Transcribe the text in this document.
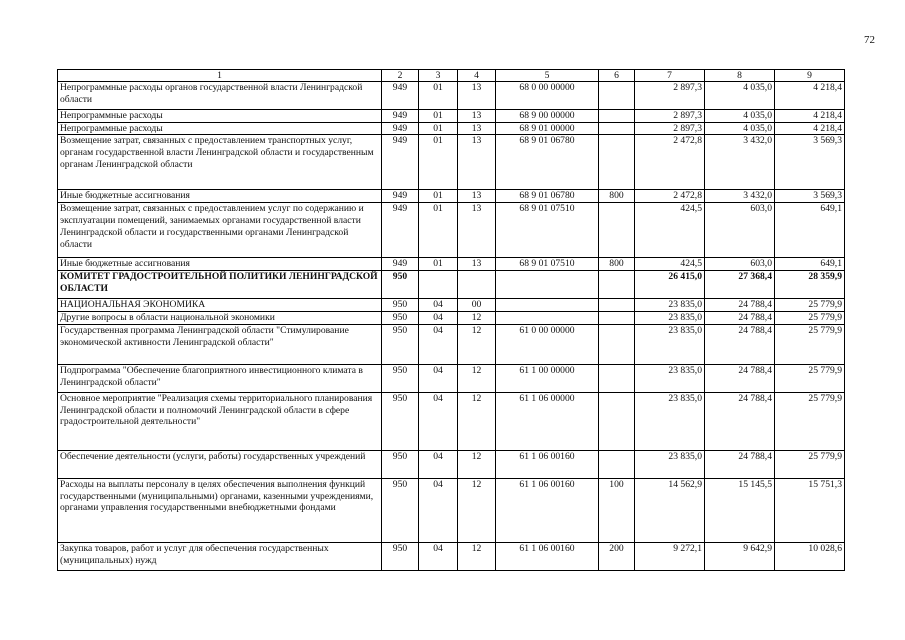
72
1	2	3	4	5	6	7	8	9
Непрограммные расходы органов государственной власти Ленинградской области	949	01	13	68 0 00 00000		2 897,3	4 035,0	4 218,4
Непрограммные расходы	949	01	13	68 9 00 00000		2 897,3	4 035,0	4 218,4
Непрограммные расходы	949	01	13	68 9 01 00000		2 897,3	4 035,0	4 218,4
Возмещение затрат, связанных с предоставлением транспортных услуг, органам государственной власти Ленинградской области и государственным органам Ленинградской области	949	01	13	68 9 01 06780		2 472,8	3 432,0	3 569,3
Иные бюджетные ассигнования	949	01	13	68 9 01 06780	800	2 472,8	3 432,0	3 569,3
Возмещение затрат, связанных с предоставлением услуг по содержанию и эксплуатации помещений, занимаемых органами государственной власти Ленинградской области и государственными органами Ленинградской области	949	01	13	68 9 01 07510		424,5	603,0	649,1
Иные бюджетные ассигнования	949	01	13	68 9 01 07510	800	424,5	603,0	649,1
КОМИТЕТ ГРАДОСТРОИТЕЛЬНОЙ ПОЛИТИКИ ЛЕНИНГРАДСКОЙ ОБЛАСТИ	950					26 415,0	27 368,4	28 359,9
НАЦИОНАЛЬНАЯ ЭКОНОМИКА	950	04	00			23 835,0	24 788,4	25 779,9
Другие вопросы в области национальной экономики	950	04	12			23 835,0	24 788,4	25 779,9
Государственная программа Ленинградской области "Стимулирование экономической активности Ленинградской области"	950	04	12	61 0 00 00000		23 835,0	24 788,4	25 779,9
Подпрограмма "Обеспечение благоприятного инвестиционного климата в Ленинградской области"	950	04	12	61 1 00 00000		23 835,0	24 788,4	25 779,9
Основное мероприятие "Реализация схемы территориального планирования Ленинградской области и полномочий Ленинградской области в сфере градостроительной деятельности"	950	04	12	61 1 06 00000		23 835,0	24 788,4	25 779,9
Обеспечение деятельности (услуги, работы) государственных учреждений	950	04	12	61 1 06 00160		23 835,0	24 788,4	25 779,9
Расходы на выплаты персоналу в целях обеспечения выполнения функций государственными (муниципальными) органами, казенными учреждениями, органами управления государственными внебюджетными фондами	950	04	12	61 1 06 00160	100	14 562,9	15 145,5	15 751,3
Закупка товаров, работ и услуг для обеспечения государственных (муниципальных) нужд	950	04	12	61 1 06 00160	200	9 272,1	9 642,9	10 028,6
